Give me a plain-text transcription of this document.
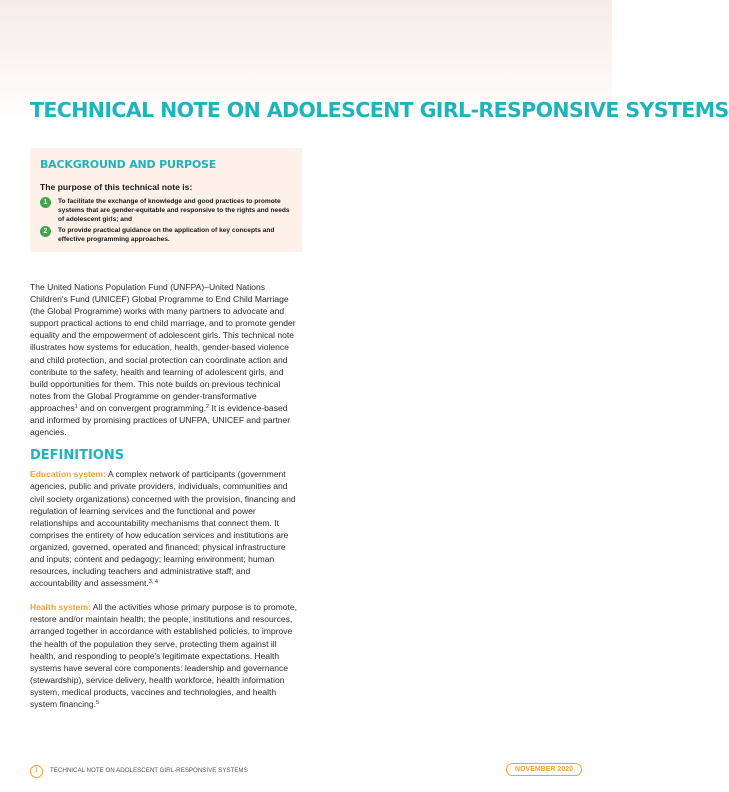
TECHNICAL NOTE ON ADOLESCENT GIRL-RESPONSIVE SYSTEMS
BACKGROUND AND PURPOSE
The purpose of this technical note is:
1	To facilitate the exchange of knowledge and good practices to promote systems that are gender-equitable and responsive to the rights and needs of adolescent girls; and
2	To provide practical guidance on the application of key concepts and effective programming approaches.

The United Nations Population Fund (UNFPA)–United Nations Children's Fund (UNICEF) Global Programme to End Child Marriage (the Global Programme) works with many partners to advocate and support practical actions to end child marriage, and to promote gender equality and the empowerment of adolescent girls. This technical note illustrates how systems for education, health, gender-based violence and child protection, and social protection can coordinate action and contribute to the safety, health and learning of adolescent girls, and build opportunities for them. This note builds on previous technical notes from the Global Programme on gender-transformative approaches$^1$ and on convergent programming.$^2$ It is evidence-based and informed by promising practices of UNFPA, UNICEF and partner agencies.

DEFINITIONS

Education system: A complex network of participants (government agencies, public and private providers, individuals, communities and civil society organizations) concerned with the provision, financing and regulation of learning services and the functional and power relationships and accountability mechanisms that connect them. It comprises the entirety of how education services and institutions are organized, governed, operated and financed; physical infrastructure and inputs; content and pedagogy; learning environment; human resources, including teachers and administrative staff; and accountability and assessment.$^{3, 4}$

Health system: All the activities whose primary purpose is to promote, restore and/or maintain health; the people, institutions and resources, arranged together in accordance with established policies, to improve the health of the population they serve, protecting them against ill health, and responding to people's legitimate expectations. Health systems have several core components: leadership and governance (stewardship), service delivery, health workforce, health information system, medical products, vaccines and technologies, and health system financing.$^5$

1	TECHNICAL NOTE ON ADOLESCENT GIRL-RESPONSIVE SYSTEMS	NOVEMBER 2020
